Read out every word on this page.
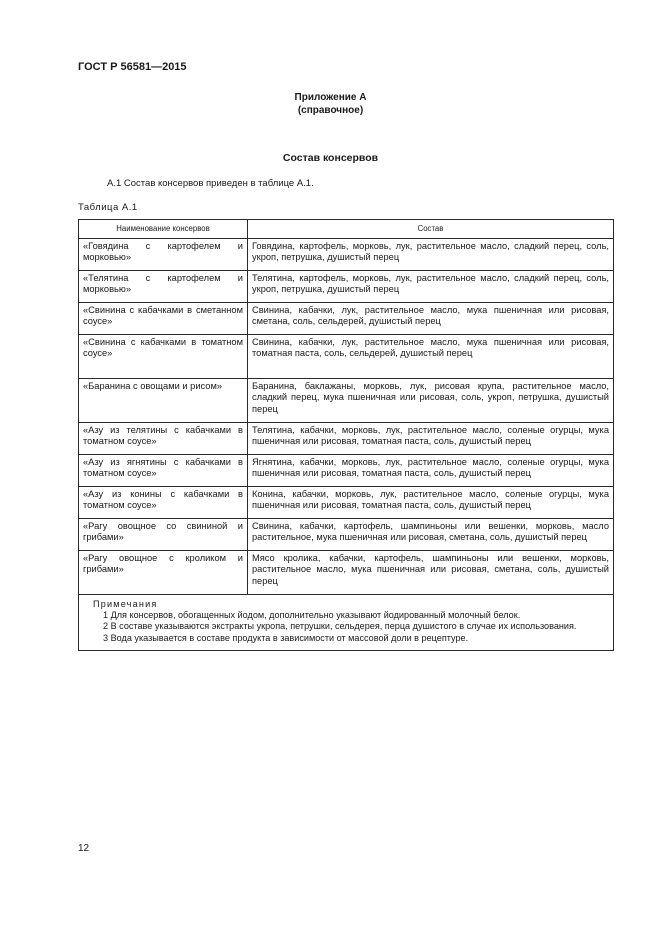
ГОСТ Р 56581—2015
Приложение А
(справочное)
Состав консервов
А.1 Состав консервов приведен в таблице А.1.
Таблица А.1
Наименование консервов	Состав
«Говядина с картофелем и морковью»	Говядина, картофель, морковь, лук, растительное масло, сладкий перец, соль, укроп, петрушка, душистый перец
«Телятина с картофелем и морковью»	Телятина, картофель, морковь, лук, растительное масло, сладкий перец, соль, укроп, петрушка, душистый перец
«Свинина с кабачками в сметанном соусе»	Свинина, кабачки, лук, растительное масло, мука пшеничная или рисовая, сметана, соль, сельдерей, душистый перец
«Свинина с кабачками в томатном соусе»	Свинина, кабачки, лук, растительное масло, мука пшеничная или рисовая, томатная паста, соль, сельдерей, душистый перец
«Баранина с овощами и рисом»	Баранина, баклажаны, морковь, лук, рисовая крупа, растительное масло, сладкий перец, мука пшеничная или рисовая, соль, укроп, петрушка, душистый перец
«Азу из телятины с кабачками в томатном соусе»	Телятина, кабачки, морковь, лук, растительное масло, соленые огурцы, мука пшеничная или рисовая, томатная паста, соль, душистый перец
«Азу из ягнятины с кабачками в томатном соусе»	Ягнятина, кабачки, морковь, лук, растительное масло, соленые огурцы, мука пшеничная или рисовая, томатная паста, соль, душистый перец
«Азу из конины с кабачками в томатном соусе»	Конина, кабачки, морковь, лук, растительное масло, соленые огурцы, мука пшеничная или рисовая, томатная паста, соль, душистый перец
«Рагу овощное со свининой и грибами»	Свинина, кабачки, картофель, шампиньоны или вешенки, морковь, масло растительное, мука пшеничная или рисовая, сметана, соль, душистый перец
«Рагу овощное с кроликом и грибами»	Мясо кролика, кабачки, картофель, шампиньоны или вешенки, морковь, растительное масло, мука пшеничная или рисовая, сметана, соль, душистый перец

Примечания
1 Для консервов, обогащенных йодом, дополнительно указывают йодированный молочный белок.
2 В составе указываются экстракты укропа, петрушки, сельдерея, перца душистого в случае их использования.
3 Вода указывается в составе продукта в зависимости от массовой доли в рецептуре.	
12
